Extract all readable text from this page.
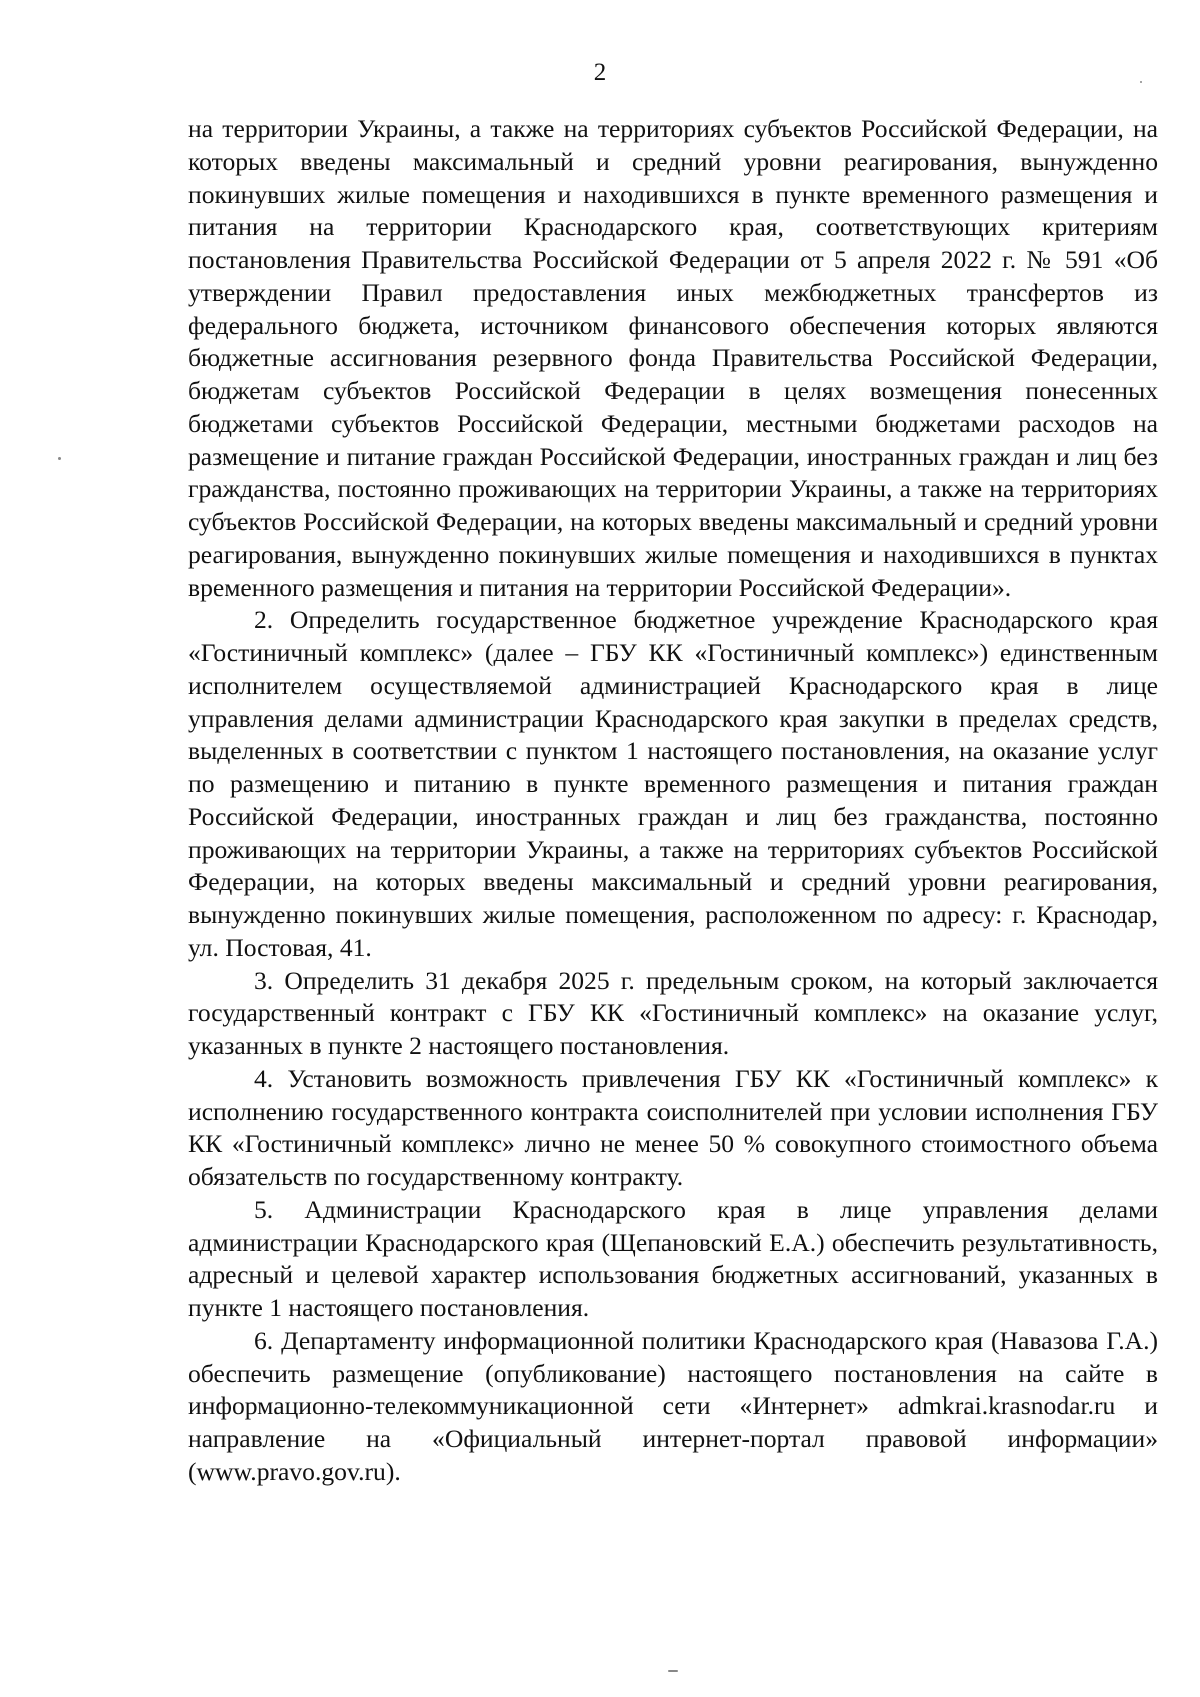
2

на территории Украины, а также на территориях субъектов Российской Федерации, на которых введены максимальный и средний уровни реагирования, вынужденно покинувших жилые помещения и находившихся в пункте временного размещения и питания на территории Краснодарского края, соответствующих критериям постановления Правительства Российской Федерации от 5 апреля 2022 г. № 591 «Об утверждении Правил предоставления иных межбюджетных трансфертов из федерального бюджета, источником финансового обеспечения которых являются бюджетные ассигнования резервного фонда Правительства Российской Федерации, бюджетам субъектов Российской Федерации в целях возмещения понесенных бюджетами субъектов Российской Федерации, местными бюджетами расходов на размещение и питание граждан Российской Федерации, иностранных граждан и лиц без гражданства, постоянно проживающих на территории Украины, а также на территориях субъектов Российской Федерации, на которых введены максимальный и средний уровни реагирования, вынужденно покинувших жилые помещения и находившихся в пунктах временного размещения и питания на территории Российской Федерации».

2. Определить государственное бюджетное учреждение Краснодарского края «Гостиничный комплекс» (далее – ГБУ КК «Гостиничный комплекс») единственным исполнителем осуществляемой администрацией Краснодарского края в лице управления делами администрации Краснодарского края закупки в пределах средств, выделенных в соответствии с пунктом 1 настоящего постановления, на оказание услуг по размещению и питанию в пункте временного размещения и питания граждан Российской Федерации, иностранных граждан и лиц без гражданства, постоянно проживающих на территории Украины, а также на территориях субъектов Российской Федерации, на которых введены максимальный и средний уровни реагирования, вынужденно покинувших жилые помещения, расположенном по адресу: г. Краснодар, ул. Постовая, 41.

3. Определить 31 декабря 2025 г. предельным сроком, на который заключается государственный контракт с ГБУ КК «Гостиничный комплекс» на оказание услуг, указанных в пункте 2 настоящего постановления.

4. Установить возможность привлечения ГБУ КК «Гостиничный комплекс» к исполнению государственного контракта соисполнителей при условии исполнения ГБУ КК «Гостиничный комплекс» лично не менее 50 % совокупного стоимостного объема обязательств по государственному контракту.

5. Администрации Краснодарского края в лице управления делами администрации Краснодарского края (Щепановский Е.А.) обеспечить результативность, адресный и целевой характер использования бюджетных ассигнований, указанных в пункте 1 настоящего постановления.

6. Департаменту информационной политики Краснодарского края (Навазова Г.А.) обеспечить размещение (опубликование) настоящего постановления на сайте в информационно-телекоммуникационной сети «Интернет» admkrai.krasnodar.ru и направление на «Официальный интернет-портал правовой информации» (www.pravo.gov.ru).
